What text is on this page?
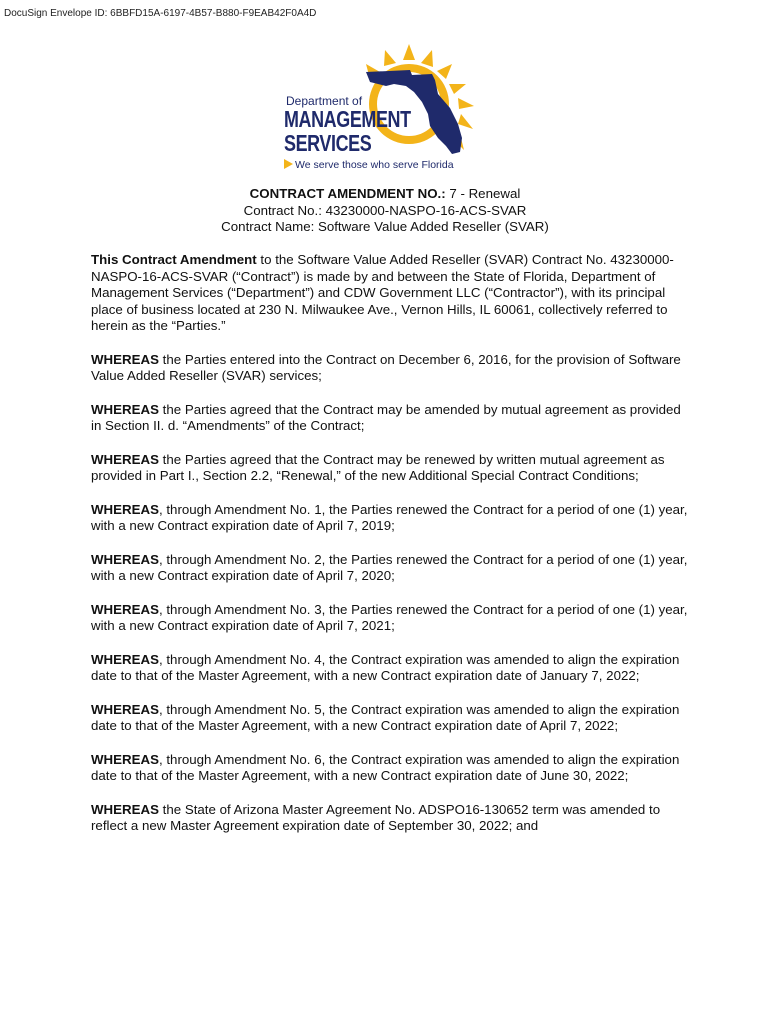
DocuSign Envelope ID: 6BBFD15A-6197-4B57-B880-F9EAB42F0A4D
Department of
MANAGEMENT
SERVICES
We serve those who serve Florida
CONTRACT AMENDMENT NO.: 7 - Renewal
Contract No.: 43230000-NASPO-16-ACS-SVAR
Contract Name: Software Value Added Reseller (SVAR)

This Contract Amendment to the Software Value Added Reseller (SVAR) Contract No. 43230000-NASPO-16-ACS-SVAR (“Contract”) is made by and between the State of Florida, Department of Management Services (“Department”) and CDW Government LLC (“Contractor”), with its principal place of business located at 230 N. Milwaukee Ave., Vernon Hills, IL 60061, collectively referred to herein as the “Parties.”

WHEREAS the Parties entered into the Contract on December 6, 2016, for the provision of Software Value Added Reseller (SVAR) services;

WHEREAS the Parties agreed that the Contract may be amended by mutual agreement as provided in Section II. d. “Amendments” of the Contract;

WHEREAS the Parties agreed that the Contract may be renewed by written mutual agreement as provided in Part I., Section 2.2, “Renewal,” of the new Additional Special Contract Conditions;

WHEREAS, through Amendment No. 1, the Parties renewed the Contract for a period of one (1) year, with a new Contract expiration date of April 7, 2019;

WHEREAS, through Amendment No. 2, the Parties renewed the Contract for a period of one (1) year, with a new Contract expiration date of April 7, 2020;

WHEREAS, through Amendment No. 3, the Parties renewed the Contract for a period of one (1) year, with a new Contract expiration date of April 7, 2021;

WHEREAS, through Amendment No. 4, the Contract expiration was amended to align the expiration date to that of the Master Agreement, with a new Contract expiration date of January 7, 2022;

WHEREAS, through Amendment No. 5, the Contract expiration was amended to align the expiration date to that of the Master Agreement, with a new Contract expiration date of April 7, 2022;

WHEREAS, through Amendment No. 6, the Contract expiration was amended to align the expiration date to that of the Master Agreement, with a new Contract expiration date of June 30, 2022;

WHEREAS the State of Arizona Master Agreement No. ADSPO16-130652 term was amended to reflect a new Master Agreement expiration date of September 30, 2022; and
